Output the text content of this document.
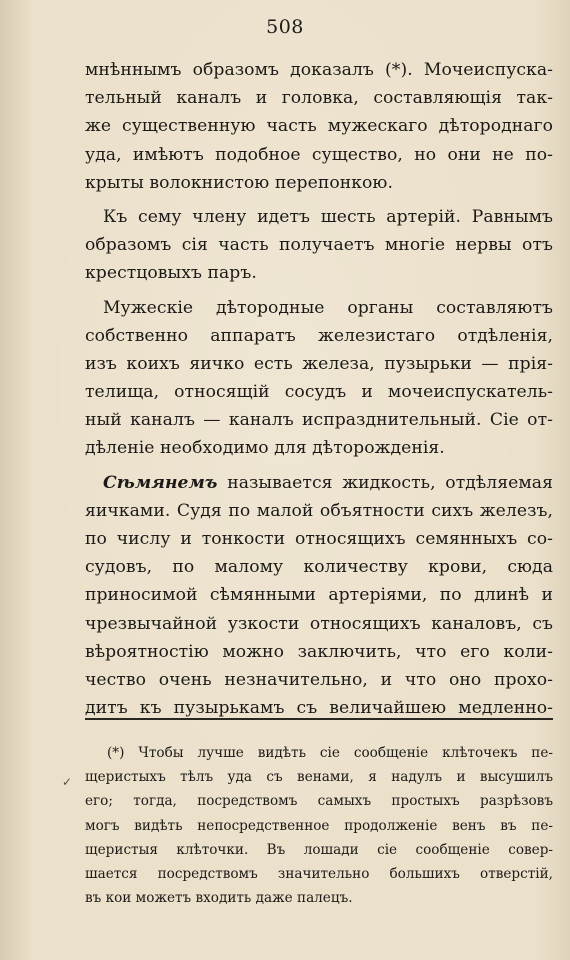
508
мнѣннымъ образомъ доказалъ (*). Мочеиспуска-
тельный каналъ и головка, составляющія так-
же существенную часть мужескаго дѣтороднаго
уда, имѣютъ подобное существо, но они не по-
крыты волокнистою перепонкою.
Къ сему члену идетъ шесть артерій. Равнымъ
образомъ сія часть получаетъ многіе нервы отъ
крестцовыхъ паръ.
Мужескіе дѣтородные органы составляютъ
собственно аппаратъ железистаго отдѣленія,
изъ коихъ яичко есть железа, пузырьки — прія-
телища, относящій сосудъ и мочеиспускатель-
ный каналъ — каналъ испразднительный. Сіе от-
дѣленіе необходимо для дѣторожденія.
Сѣмянемъ называется жидкость, отдѣляемая
яичками. Судя по малой объятности сихъ железъ,
по числу и тонкости относящихъ семянныхъ со-
судовъ, по малому количеству крови, сюда
приносимой сѣмянными артеріями, по длинѣ и
чрезвычайной узкости относящихъ каналовъ, съ
вѣроятностію можно заключить, что его коли-
чество очень незначительно, и что оно прохо-
дитъ къ пузырькамъ съ величайшею медленно-
✓
(*) Чтобы лучше видѣть сіе сообщеніе клѣточекъ пе-
щеристыхъ тѣлъ уда съ венами, я надулъ и высушилъ
его; тогда, посредствомъ самыхъ простыхъ разрѣзовъ
могъ видѣть непосредственное продолженіе венъ въ пе-
щеристыя клѣточки. Въ лошади сіе сообщеніе совер-
шается посредствомъ значительно большихъ отверстій,
въ кои можетъ входить даже палецъ.
